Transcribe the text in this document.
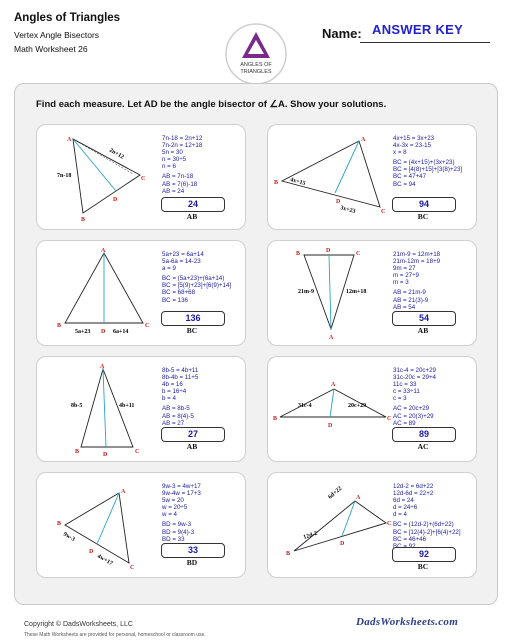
Angles of Triangles
Vertex Angle Bisectors
Math Worksheet 26
ANGLES OF
TRIANGLES
Name: ANSWER KEY
Find each measure. Let AD be the angle bisector of ∠A. Show your solutions.
A
B
C
D
7n-18
2n+12
7n-18 = 2n+12
7n-2n = 12+18
5n = 30
n = 30÷5
n = 6
AB = 7n-18
AB = 7(6)-18
AB = 24
24
AB
A
B
C
D
4x+15
3x+23
4x+15 = 3x+23
4x-3x = 23-15
x = 8
BC = (4x+15)+(3x+23)
BC = [4(8)+15]+[3(8)+23]
BC = 47+47
BC = 94
94
BC
A
B	C
D
5a+23	6a+14
5a+23 = 6a+14
5a-6a = 14-23
a = 9
BC = (5a+23)+(6a+14)
BC = [5(9)+23]+[6(9)+14]
BC = 68+68
BC = 136
136
BC
A
B	C
D
21m-9	12m+18
21m-9 = 12m+18
21m-12m = 18+9
9m = 27
m = 27÷9
m = 3
AB = 21m-9
AB = 21(3)-9
AB = 54
54
AB
A
B	C
D
8b-5	4b+11
8b-5 = 4b+11
8b-4b = 11+5
4b = 16
b = 16÷4
b = 4
AB = 8b-5
AB = 8(4)-5
AB = 27
27
AB
A
B	C
D
31c-4	20c+29
31c-4 = 20c+29
31c-20c = 29+4
11c = 33
c = 33÷11
c = 3
AC = 20c+29
AC = 20(3)+29
AC = 89
89
AC
A
B
C
D
9w-3
4w+17
9w-3 = 4w+17
9w-4w = 17+3
5w = 20
w = 20÷5
w = 4
BD = 9w-3
BD = 9(4)-3
BD = 33
33
BD
A
B
C
D
12d-2
6d+22	12d-2 = 6d+22
12d-6d = 22+2
6d = 24
d = 24÷6
d = 4
BC = (12d-2)+(6d+22)
BC = [12(4)-2]+[6(4)+22]
BC = 46+46
92
BC
Copyright © DadsWorksheets, LLC
These Math Worksheets are provided for personal, homeschool or classroom use.
DadsWorksheets.com
